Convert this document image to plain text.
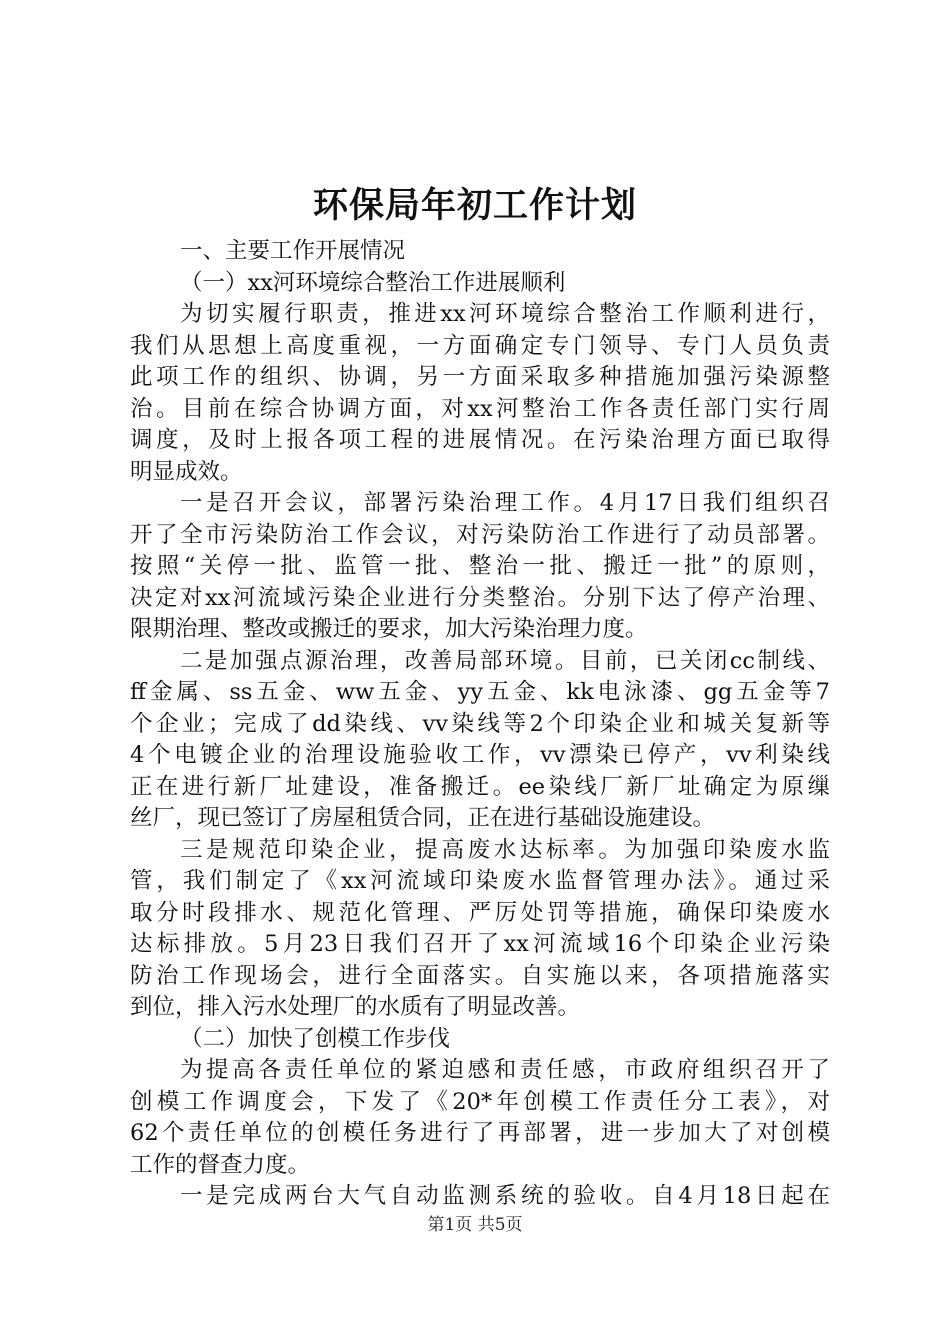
环保局年初工作计划
一、主要工作开展情况
（一）xx河环境综合整治工作进展顺利
为切实履行职责，推进xx河环境综合整治工作顺利进行，
我们从思想上高度重视，一方面确定专门领导、专门人员负责
此项工作的组织、协调，另一方面采取多种措施加强污染源整
治。目前在综合协调方面，对xx河整治工作各责任部门实行周
调度，及时上报各项工程的进展情况。在污染治理方面已取得
明显成效。
一是召开会议，部署污染治理工作。4月17日我们组织召
开了全市污染防治工作会议，对污染防治工作进行了动员部署。
按照“关停一批、监管一批、整治一批、搬迁一批”的原则，
决定对xx河流域污染企业进行分类整治。分别下达了停产治理、
限期治理、整改或搬迁的要求，加大污染治理力度。
二是加强点源治理，改善局部环境。目前，已关闭cc制线、
ff金属、ss五金、ww五金、yy五金、kk电泳漆、gg五金等7
个企业；完成了dd染线、vv染线等2个印染企业和城关复新等
4个电镀企业的治理设施验收工作，vv漂染已停产，vv利染线
正在进行新厂址建设，准备搬迁。ee染线厂新厂址确定为原缫
丝厂，现已签订了房屋租赁合同，正在进行基础设施建设。
三是规范印染企业，提高废水达标率。为加强印染废水监
管，我们制定了《xx河流域印染废水监督管理办法》。通过采
取分时段排水、规范化管理、严厉处罚等措施，确保印染废水
达标排放。5月23日我们召开了xx河流域16个印染企业污染
防治工作现场会，进行全面落实。自实施以来，各项措施落实
到位，排入污水处理厂的水质有了明显改善。
（二）加快了创模工作步伐
为提高各责任单位的紧迫感和责任感，市政府组织召开了
创模工作调度会，下发了《20*年创模工作责任分工表》，对
62个责任单位的创模任务进行了再部署，进一步加大了对创模
工作的督查力度。
一是完成两台大气自动监测系统的验收。自4月18日起在
第1页 共5页
